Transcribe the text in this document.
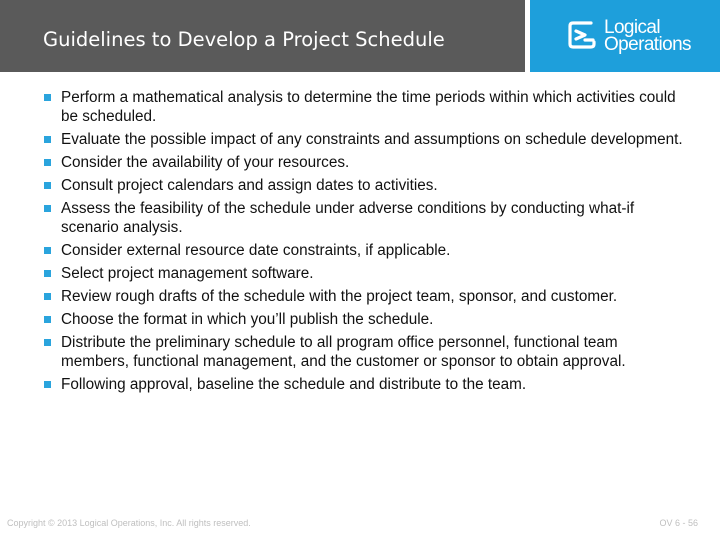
Guidelines to Develop a Project Schedule
Logical
Operations
Perform a mathematical analysis to determine the time periods within which activities could be scheduled.
Evaluate the possible impact of any constraints and assumptions on schedule development.
Consider the availability of your resources.
Consult project calendars and assign dates to activities.
Assess the feasibility of the schedule under adverse conditions by conducting what-if scenario analysis.
Consider external resource date constraints, if applicable.
Select project management software.
Review rough drafts of the schedule with the project team, sponsor, and customer.
Choose the format in which you’ll publish the schedule.
Distribute the preliminary schedule to all program office personnel, functional team members, functional management, and the customer or sponsor to obtain approval.
Following approval, baseline the schedule and distribute to the team.
Copyright © 2013 Logical Operations, Inc. All rights reserved.	OV 6 - 56
